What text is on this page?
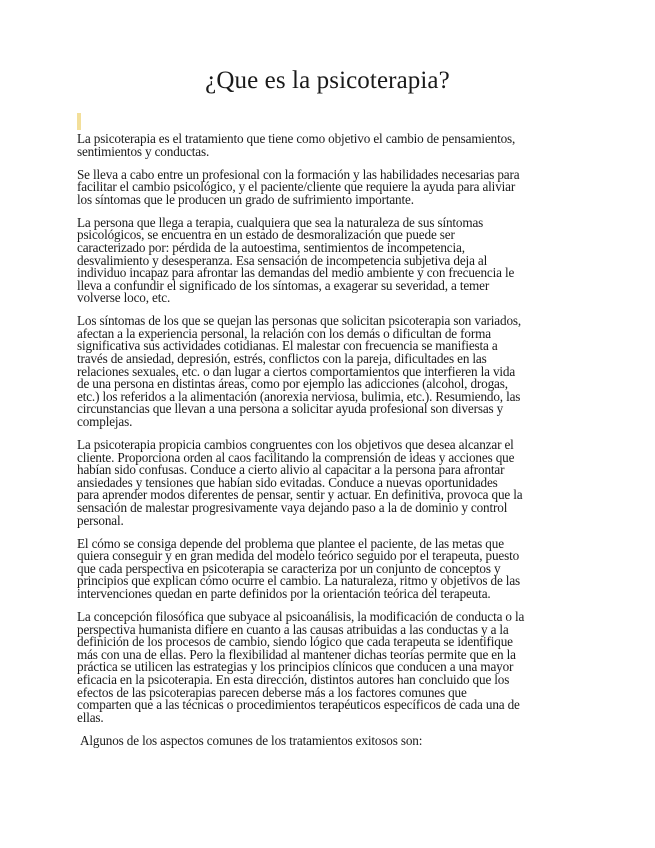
¿Que es la psicoterapia?

La psicoterapia es el tratamiento que tiene como objetivo el cambio de pensamientos,
sentimientos y conductas.

Se lleva a cabo entre un profesional con la formación y las habilidades necesarias para
facilitar el cambio psicológico, y el paciente/cliente que requiere la ayuda para aliviar
los síntomas que le producen un grado de sufrimiento importante.

La persona que llega a terapia, cualquiera que sea la naturaleza de sus síntomas
psicológicos, se encuentra en un estado de desmoralización que puede ser
caracterizado por: pérdida de la autoestima, sentimientos de incompetencia,
desvalimiento y desesperanza. Esa sensación de incompetencia subjetiva deja al
individuo incapaz para afrontar las demandas del medio ambiente y con frecuencia le
lleva a confundir el significado de los síntomas, a exagerar su severidad, a temer
volverse loco, etc.

Los síntomas de los que se quejan las personas que solicitan psicoterapia son variados,
afectan a la experiencia personal, la relación con los demás o dificultan de forma
significativa sus actividades cotidianas. El malestar con frecuencia se manifiesta a
través de ansiedad, depresión, estrés, conflictos con la pareja, dificultades en las
relaciones sexuales, etc. o dan lugar a ciertos comportamientos que interfieren la vida
de una persona en distintas áreas, como por ejemplo las adicciones (alcohol, drogas,
etc.) los referidos a la alimentación (anorexia nerviosa, bulimia, etc.). Resumiendo, las
circunstancias que llevan a una persona a solicitar ayuda profesional son diversas y
complejas.

La psicoterapia propicia cambios congruentes con los objetivos que desea alcanzar el
cliente. Proporciona orden al caos facilitando la comprensión de ideas y acciones que
habían sido confusas. Conduce a cierto alivio al capacitar a la persona para afrontar
ansiedades y tensiones que habían sido evitadas. Conduce a nuevas oportunidades
para aprender modos diferentes de pensar, sentir y actuar. En definitiva, provoca que la
sensación de malestar progresivamente vaya dejando paso a la de dominio y control
personal.

El cómo se consiga depende del problema que plantee el paciente, de las metas que
quiera conseguir y en gran medida del modelo teórico seguido por el terapeuta, puesto
que cada perspectiva en psicoterapia se caracteriza por un conjunto de conceptos y
principios que explican cómo ocurre el cambio. La naturaleza, ritmo y objetivos de las
intervenciones quedan en parte definidos por la orientación teórica del terapeuta.

La concepción filosófica que subyace al psicoanálisis, la modificación de conducta o la
perspectiva humanista difiere en cuanto a las causas atribuidas a las conductas y a la
definición de los procesos de cambio, siendo lógico que cada terapeuta se identifique
más con una de ellas. Pero la flexibilidad al mantener dichas teorías permite que en la
práctica se utilicen las estrategias y los principios clínicos que conducen a una mayor
eficacia en la psicoterapia. En esta dirección, distintos autores han concluido que los
efectos de las psicoterapias parecen deberse más a los factores comunes que
comparten que a las técnicas o procedimientos terapéuticos específicos de cada una de
ellas.

Algunos de los aspectos comunes de los tratamientos exitosos son:
